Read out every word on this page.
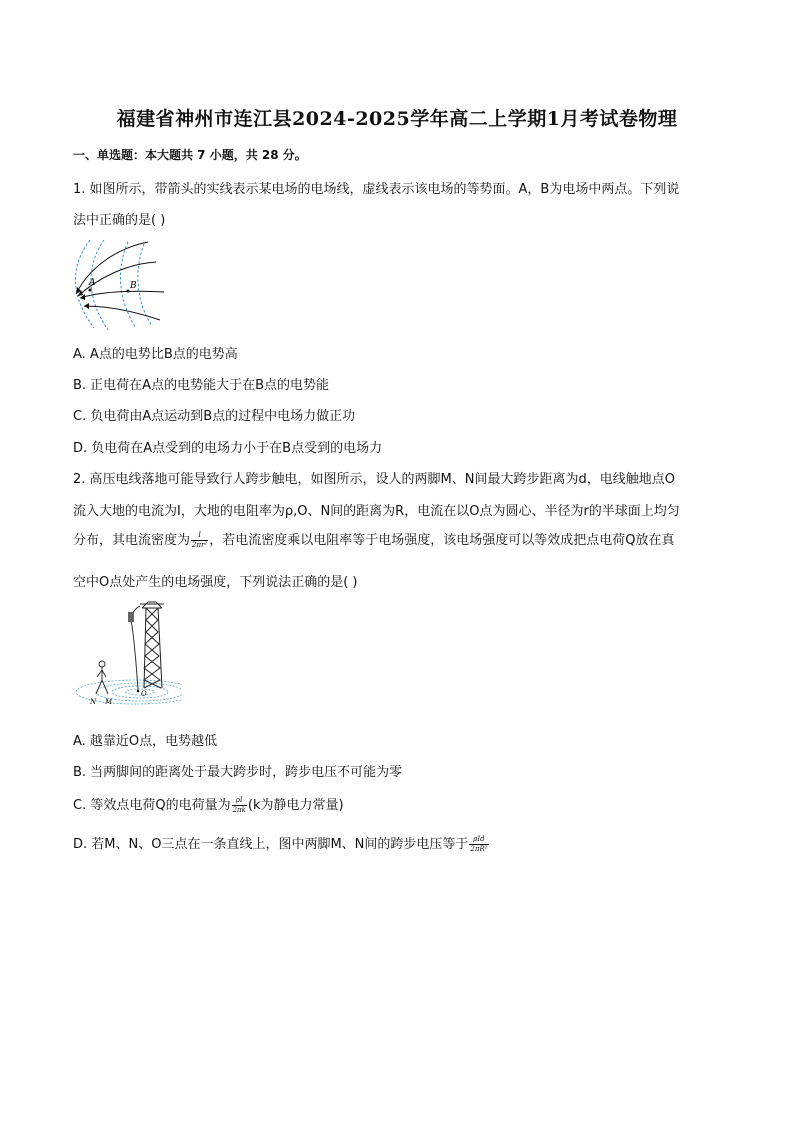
福建省神州市连江县2024-2025学年高二上学期1月考试卷物理
一、单选题：本大题共 7 小题，共 28 分。
1. 如图所示，带箭头的实线表示某电场的电场线，虚线表示该电场的等势面。A，B为电场中两点。下列说
法中正确的是( )
A	B
A. A点的电势比B点的电势高
B. 正电荷在A点的电势能大于在B点的电势能
C. 负电荷由A点运动到B点的过程中电场力做正功
D. 负电荷在A点受到的电场力小于在B点受到的电场力
2. 高压电线落地可能导致行人跨步触电，如图所示，设人的两脚M、N间最大跨步距离为d，电线触地点O
流入大地的电流为I，大地的电阻率为ρ,O、N间的距离为R，电流在以O点为圆心、半径为r的半球面上均匀
分布，其电流密度为 $\frac{I}{\text{2πr²}}$ ，若电流密度乘以电阻率等于电场强度，该电场强度可以等效成把点电荷Q放在真
空中O点处产生的电场强度，下列说法正确的是( )
N M
O
A. 越靠近O点，电势越低
B. 当两脚间的距离处于最大跨步时，跨步电压不可能为零
C. 等效点电荷Q的电荷量为 $\frac{\rho I}{2\pi k} (k$为静电力常量)
D. 若M、N、O三点在一条直线上，图中两脚M、N间的跨步电压等于 $\frac{\text{ρId}}{\text{2πR²}}$
